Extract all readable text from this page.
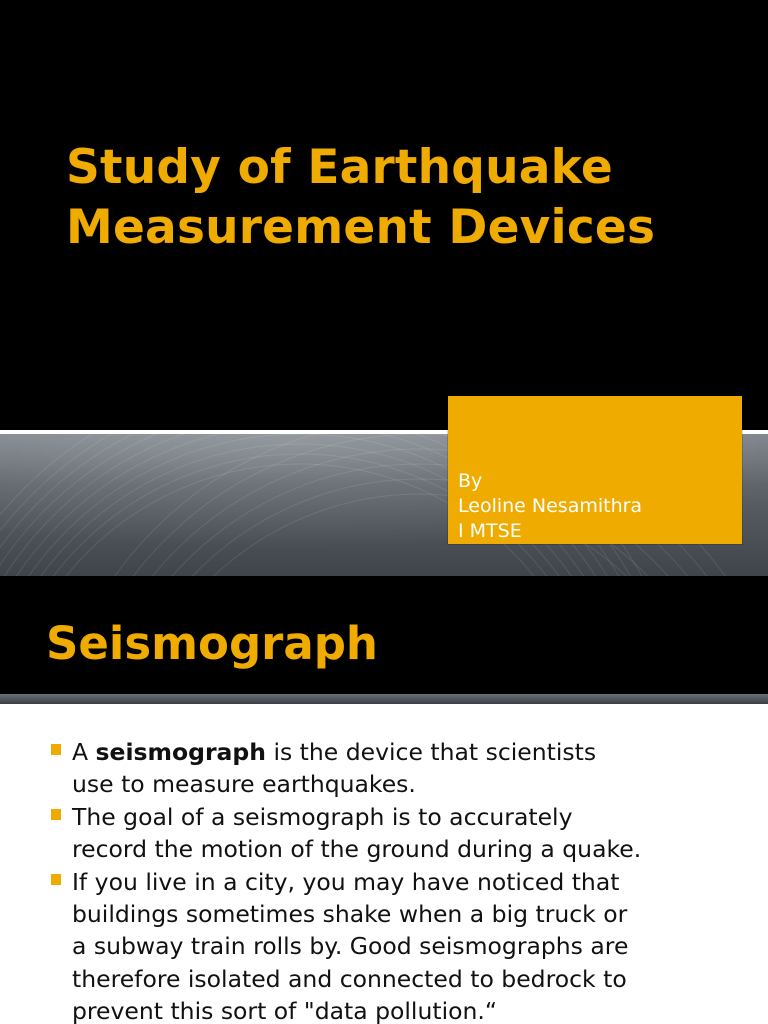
Study of Earthquake
Measurement Devices
By
Leoline Nesamithra
I MTSE
Seismograph
A seismograph is the device that scientists
use to measure earthquakes.
The goal of a seismograph is to accurately
record the motion of the ground during a quake.
If you live in a city, you may have noticed that
buildings sometimes shake when a big truck or
a subway train rolls by. Good seismographs are
therefore isolated and connected to bedrock to
prevent this sort of "data pollution.“
